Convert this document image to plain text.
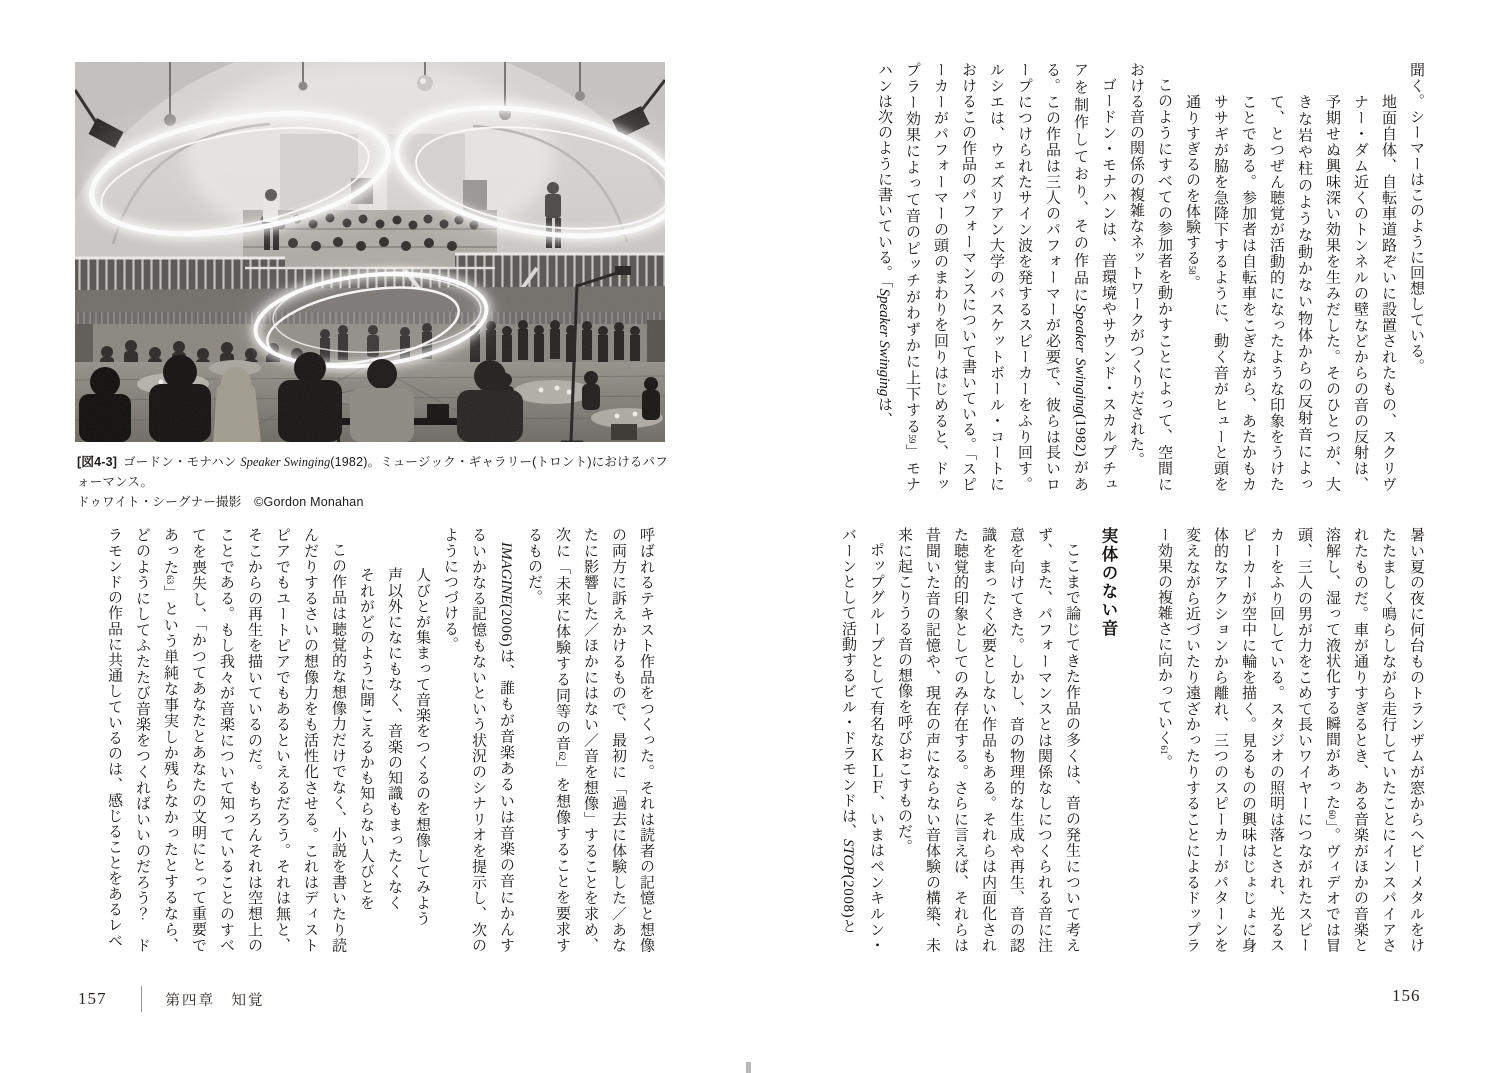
[図4-3] ゴードン・モナハン Speaker Swinging(1982)。ミュージック・ギャラリー(トロント)におけるパフォーマンス。
ドゥワイト・シーグナー撮影　©Gordon Monahan

呼ばれるテキスト作品をつくった。それは読者の記憶と想像の両方に訴えかけるもので、最初に「過去に体験した／あなたに影響した／ほかにはない／音を想像」することを求め、次に「未来に体験する同等の音62」を想像することを要求するものだ。

IMAGINE(2006)は、誰もが音楽あるいは音楽の音にかんするいかなる記憶もないという状況のシナリオを提示し、次のようにつづける。

人びとが集まって音楽をつくるのを想像してみよう
声以外になにもなく、音楽の知識もまったくなく
それがどのように聞こえるかも知らない人びとを

この作品は聴覚的な想像力だけでなく、小説を書いたり読んだりするさいの想像力をも活性化させる。これはディストピアでもユートピアでもあるといえるだろう。それは無と、そこからの再生を描いているのだ。もちろんそれは空想上のことである。もし我々が音楽について知っていることのすべてを喪失し、「かつてあなたとあなたの文明にとって重要であった63」という単純な事実しか残らなかったとするなら、どのようにしてふたたび音楽をつくればいいのだろう？　ドラモンドの作品に共通しているのは、感じることをあるレベ

聞く。シーマーはこのように回想している。

地面自体、自転車道路ぞいに設置されたもの、スクリヴナー・ダム近くのトンネルの壁などからの音の反射は、予期せぬ興味深い効果を生みだした。そのひとつが、大きな岩や柱のような動かない物体からの反射音によって、とつぜん聴覚が活動的になったような印象をうけたことである。参加者は自転車をこぎながら、あたかもカササギが脇を急降下するように、動く音がヒューと頭を通りすぎるのを体験する58。

このようにすべての参加者を動かすことによって、空間における音の関係の複雑なネットワークがつくりだされた。

ゴードン・モナハンは、音環境やサウンド・スカルプチュアを制作しており、その作品にSpeaker Swinging(1982)がある。この作品は三人のパフォーマーが必要で、彼らは長いロープにつけられたサイン波を発するスピーカーをふり回す。ルシエは、ウェズリアン大学のバスケットボール・コートにおけるこの作品のパフォーマンスについて書いている。「スピーカーがパフォーマーの頭のまわりを回りはじめると、ドップラー効果によって音のピッチがわずかに上下する59」モナハンは次のように書いている。「Speaker Swingingは、

暑い夏の夜に何台ものトランザムが窓からヘビーメタルをけたたましく鳴らしながら走行していたことにインスパイアされたものだ。車が通りすぎるとき、ある音楽がほかの音楽と溶解し、湿って液状化する瞬間があった60」。ヴィデオでは冒頭、三人の男が力をこめて長いワイヤーにつながれたスピーカーをふり回している。スタジオの照明は落とされ、光るスピーカーが空中に輪を描く。見るものの興味はじょじょに身体的なアクションから離れ、三つのスピーカーがパターンを変えながら近づいたり遠ざかったりすることによるドップラー効果の複雑さに向かっていく61。

実体のない音

ここまで論じてきた作品の多くは、音の発生について考えず、また、パフォーマンスとは関係なしにつくられる音に注意を向けてきた。しかし、音の物理的な生成や再生、音の認識をまったく必要としない作品もある。それらは内面化された聴覚的印象としてのみ存在する。さらに言えば、それらは昔聞いた音の記憶や、現在の声にならない音体験の構築、未来に起こりうる音の想像を呼びおこすものだ。

ポップグループとして有名なＫＬＦ、いまはペンキルン・バーンとして活動するビル・ドラモンドは、STOP(2008)と

157	第四章　知覚	156
